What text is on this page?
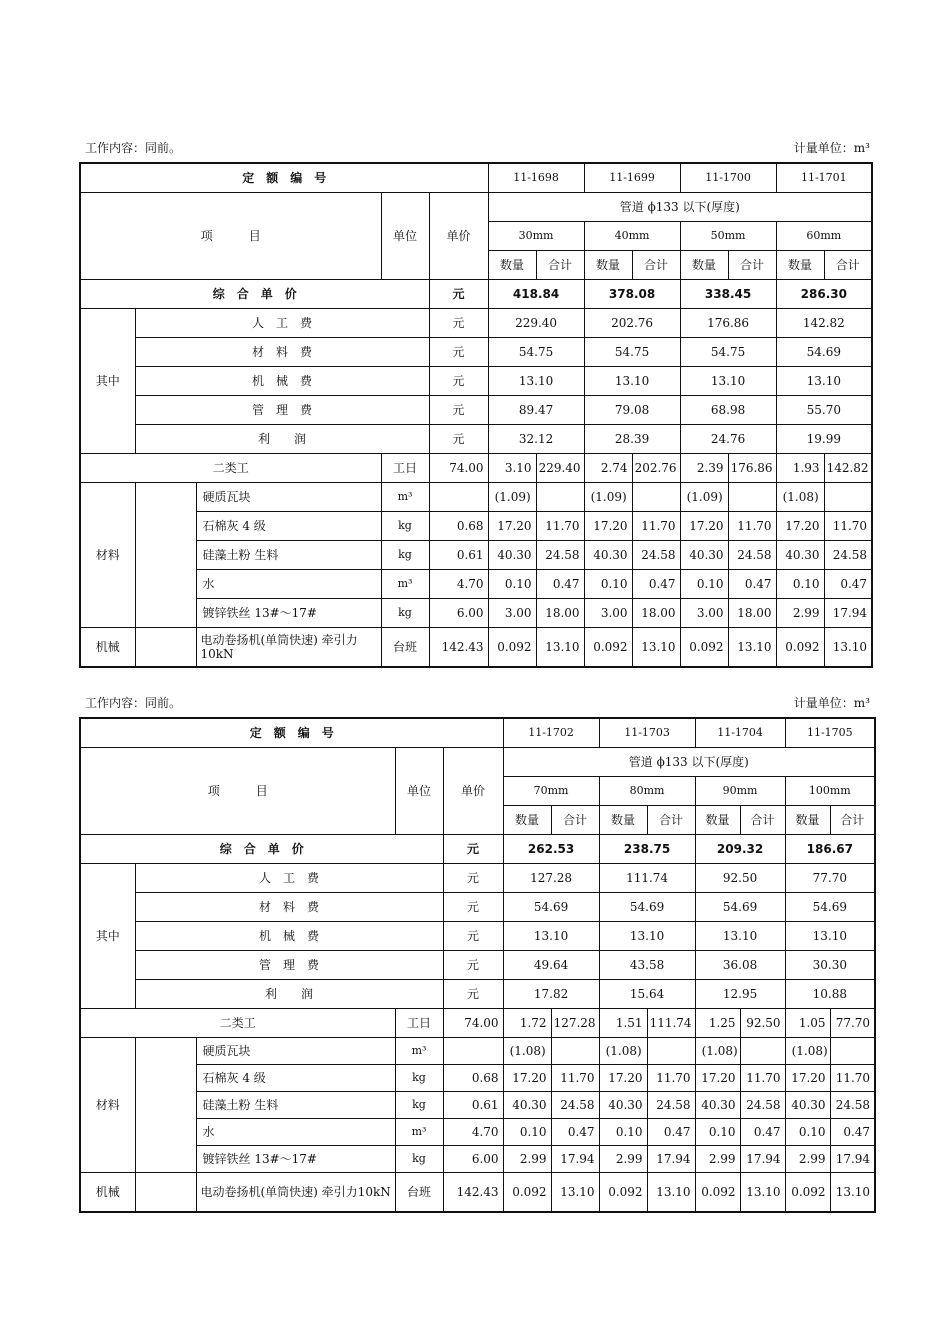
工作内容：同前。	计量单位：m³
定　额　编　号					11-1698		11-1699		11-1700		11-1701	
项　　　目			单位	单价	管道 ϕ133 以下(厚度)							
					30mm		40mm		50mm		60mm	
					数量	合计	数量	合计	数量	合计	数量	合计
综　合　单　价				元	418.84		378.08		338.45		286.30	
其中	人　工　费			元	229.40		202.76		176.86		142.82	
	材　料　费			元	54.75		54.75		54.75		54.69	
	机　械　费			元	13.10		13.10		13.10		13.10	
	管　理　费			元	89.47		79.08		68.98		55.70	
	利　　润			元	32.12		28.39		24.76		19.99	
二类工			工日	74.00	3.10	229.40	2.74	202.76	2.39	176.86	1.93	142.82
材料		硬质瓦块	m³		(1.09)		(1.09)		(1.09)		(1.08)	
		石棉灰 4 级	kg	0.68	17.20	11.70	17.20	11.70	17.20	11.70	17.20	11.70
		硅藻土粉 生料	kg	0.61	40.30	24.58	40.30	24.58	40.30	24.58	40.30	24.58
		水	m³	4.70	0.10	0.47	0.10	0.47	0.10	0.47	0.10	0.47
		镀锌铁丝 13#～17#	kg	6.00	3.00	18.00	3.00	18.00	3.00	18.00	2.99	17.94
机械		电动卷扬机(单筒快速) 牵引力10kN	台班	142.43	0.092	13.10	0.092	13.10	0.092	13.10	0.092	13.10
工作内容：同前。	计量单位：m³
定　额　编　号					11-1702		11-1703		11-1704		11-1705	
项　　　目			单位	单价	管道 ϕ133 以下(厚度)							
					70mm		80mm		90mm		100mm	
					数量	合计	数量	合计	数量	合计	数量	合计
综　合　单　价				元	262.53		238.75		209.32		186.67	
其中	人　工　费			元	127.28		111.74		92.50		77.70	
	材　料　费			元	54.69		54.69		54.69		54.69	
	机　械　费			元	13.10		13.10		13.10		13.10	
	管　理　费			元	49.64		43.58		36.08		30.30	
	利　　润			元	17.82		15.64		12.95		10.88	
二类工			工日	74.00	1.72	127.28	1.51	111.74	1.25	92.50	1.05	77.70
材料		硬质瓦块	m³		(1.08)		(1.08)		(1.08)		(1.08)	
		石棉灰 4 级	kg	0.68	17.20	11.70	17.20	11.70	17.20	11.70	17.20	11.70
		硅藻土粉 生料	kg	0.61	40.30	24.58	40.30	24.58	40.30	24.58	40.30	24.58
		水	m³	4.70	0.10	0.47	0.10	0.47	0.10	0.47	0.10	0.47
		镀锌铁丝 13#～17#	kg	6.00	2.99	17.94	2.99	17.94	2.99	17.94	2.99	17.94
机械		电动卷扬机(单筒快速) 牵引力10kN	台班	142.43	0.092	13.10	0.092	13.10	0.092	13.10	0.092	13.10
